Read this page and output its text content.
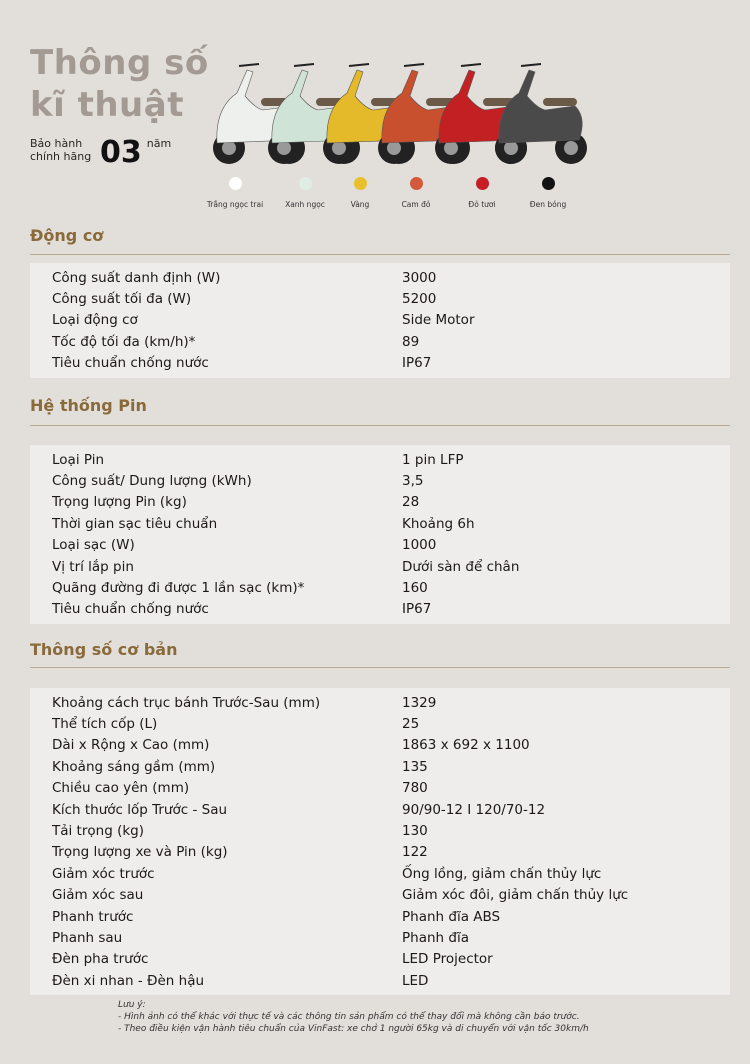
Thông số
kĩ thuật
Bảo hành chính hãng 03 năm
Trắng ngọc trai	Xanh ngọc	Vàng	Cam đỏ	Đỏ tươi	Đen bóng
Động cơ
Công suất danh định (W)	3000
Công suất tối đa (W)	5200
Loại động cơ	Side Motor
Tốc độ tối đa (km/h)*	89
Tiêu chuẩn chống nước	IP67
Hệ thống Pin
Loại Pin	1 pin LFP
Công suất/ Dung lượng (kWh)	3,5
Trọng lượng Pin (kg)	28
Thời gian sạc tiêu chuẩn	Khoảng 6h
Loại sạc (W)	1000
Vị trí lắp pin	Dưới sàn để chân
Quãng đường đi được 1 lần sạc (km)*	160
Tiêu chuẩn chống nước	IP67
Thông số cơ bản
Khoảng cách trục bánh Trước-Sau (mm)	1329
Thể tích cốp (L)	25
Dài x Rộng x Cao (mm)	1863 x 692 x 1100
Khoảng sáng gầm (mm)	135
Chiều cao yên (mm)	780
Kích thước lốp Trước - Sau	90/90-12 I 120/70-12
Tải trọng (kg)	130
Trọng lượng xe và Pin (kg)	122
Giảm xóc trước	Ống lồng, giảm chấn thủy lực
Giảm xóc sau	Giảm xóc đôi, giảm chấn thủy lực
Phanh trước	Phanh đĩa ABS
Phanh sau	Phanh đĩa
Đèn pha trước	LED Projector
Đèn xi nhan - Đèn hậu	LED
Lưu ý:
- Hình ảnh có thể khác với thực tế và các thông tin sản phẩm có thể thay đổi mà không cần báo trước.
- Theo điều kiện vận hành tiêu chuẩn của VinFast: xe chở 1 người 65kg và di chuyển với vận tốc 30km/h
